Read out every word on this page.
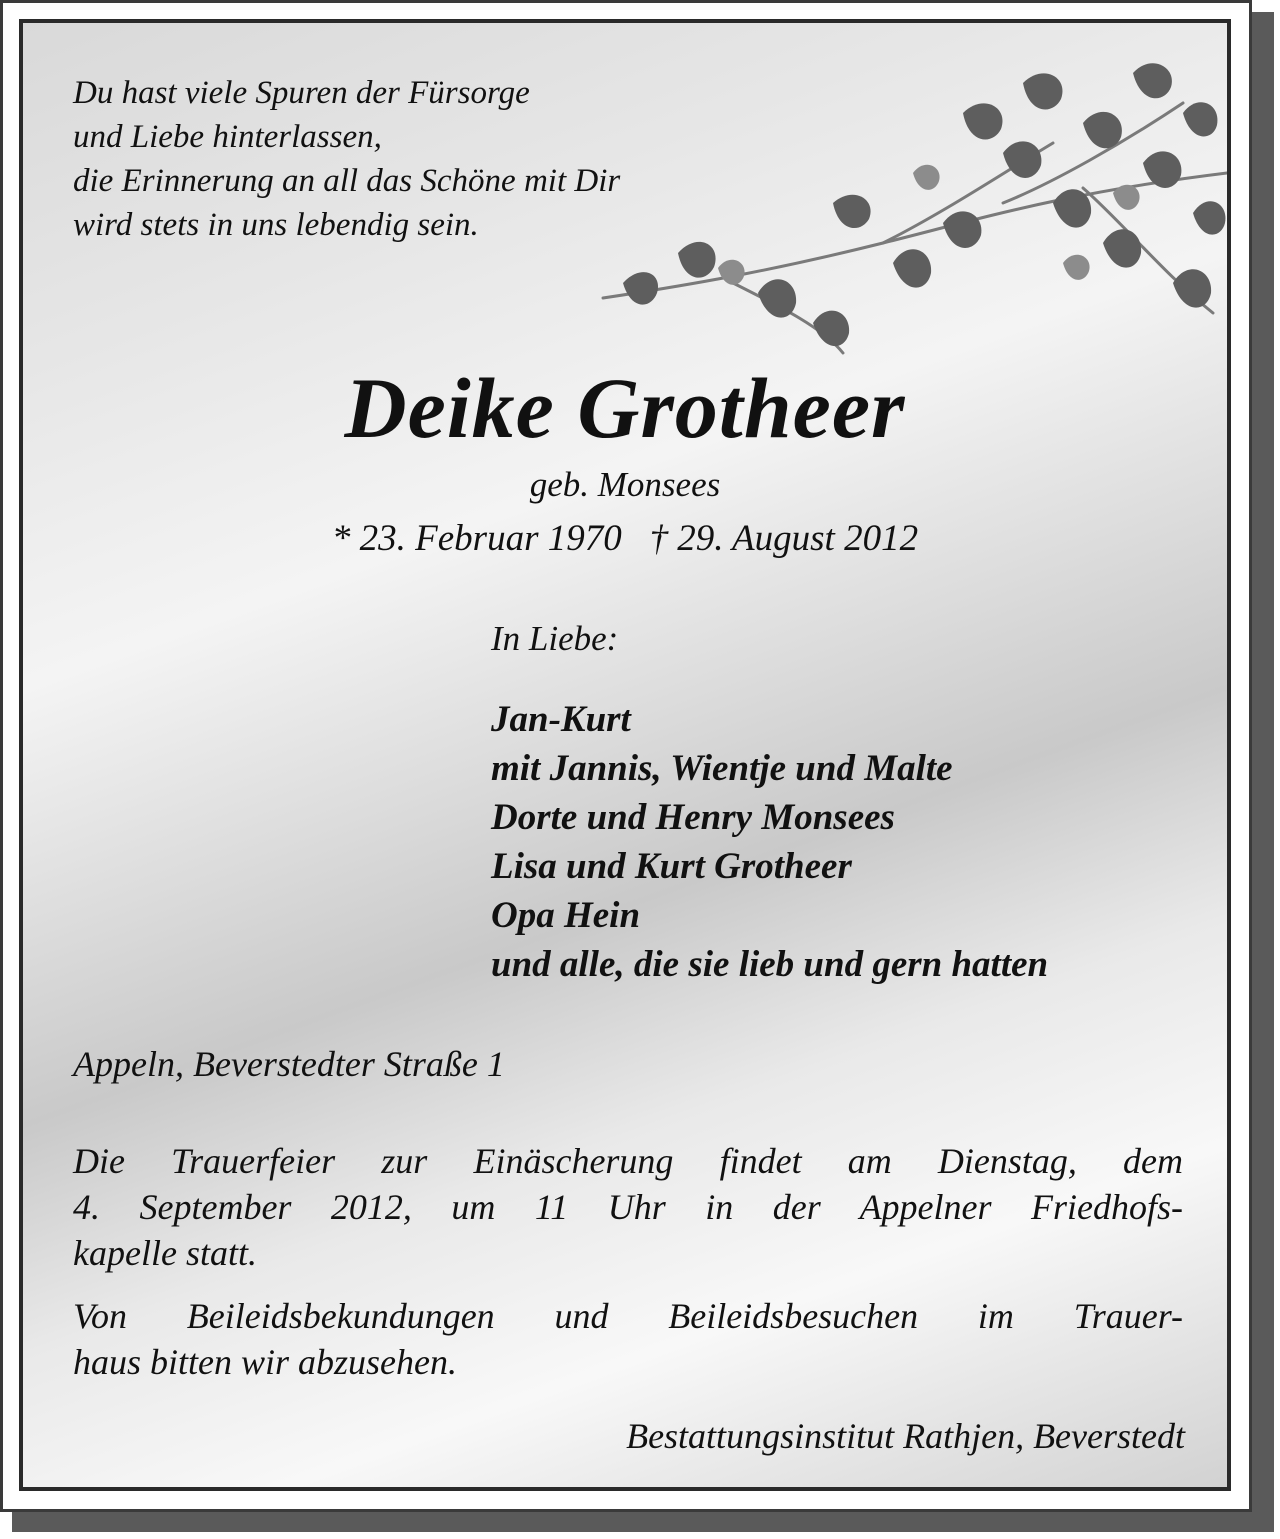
Du hast viele Spuren der Fürsorge
und Liebe hinterlassen,
die Erinnerung an all das Schöne mit Dir
wird stets in uns lebendig sein.
Deike Grotheer
geb. Monsees
* 23. Februar 1970   † 29. August 2012
In Liebe:
Jan-Kurt
mit Jannis, Wientje und Malte
Dorte und Henry Monsees
Lisa und Kurt Grotheer
Opa Hein
und alle, die sie lieb und gern hatten
Appeln, Beverstedter Straße 1
Die Trauerfeier zur Einäscherung findet am Dienstag, dem
4. September 2012, um 11 Uhr in der Appelner Friedhofs-
kapelle statt.
Von Beileidsbekundungen und Beileidsbesuchen im Trauer-
haus bitten wir abzusehen.
Bestattungsinstitut Rathjen, Beverstedt
